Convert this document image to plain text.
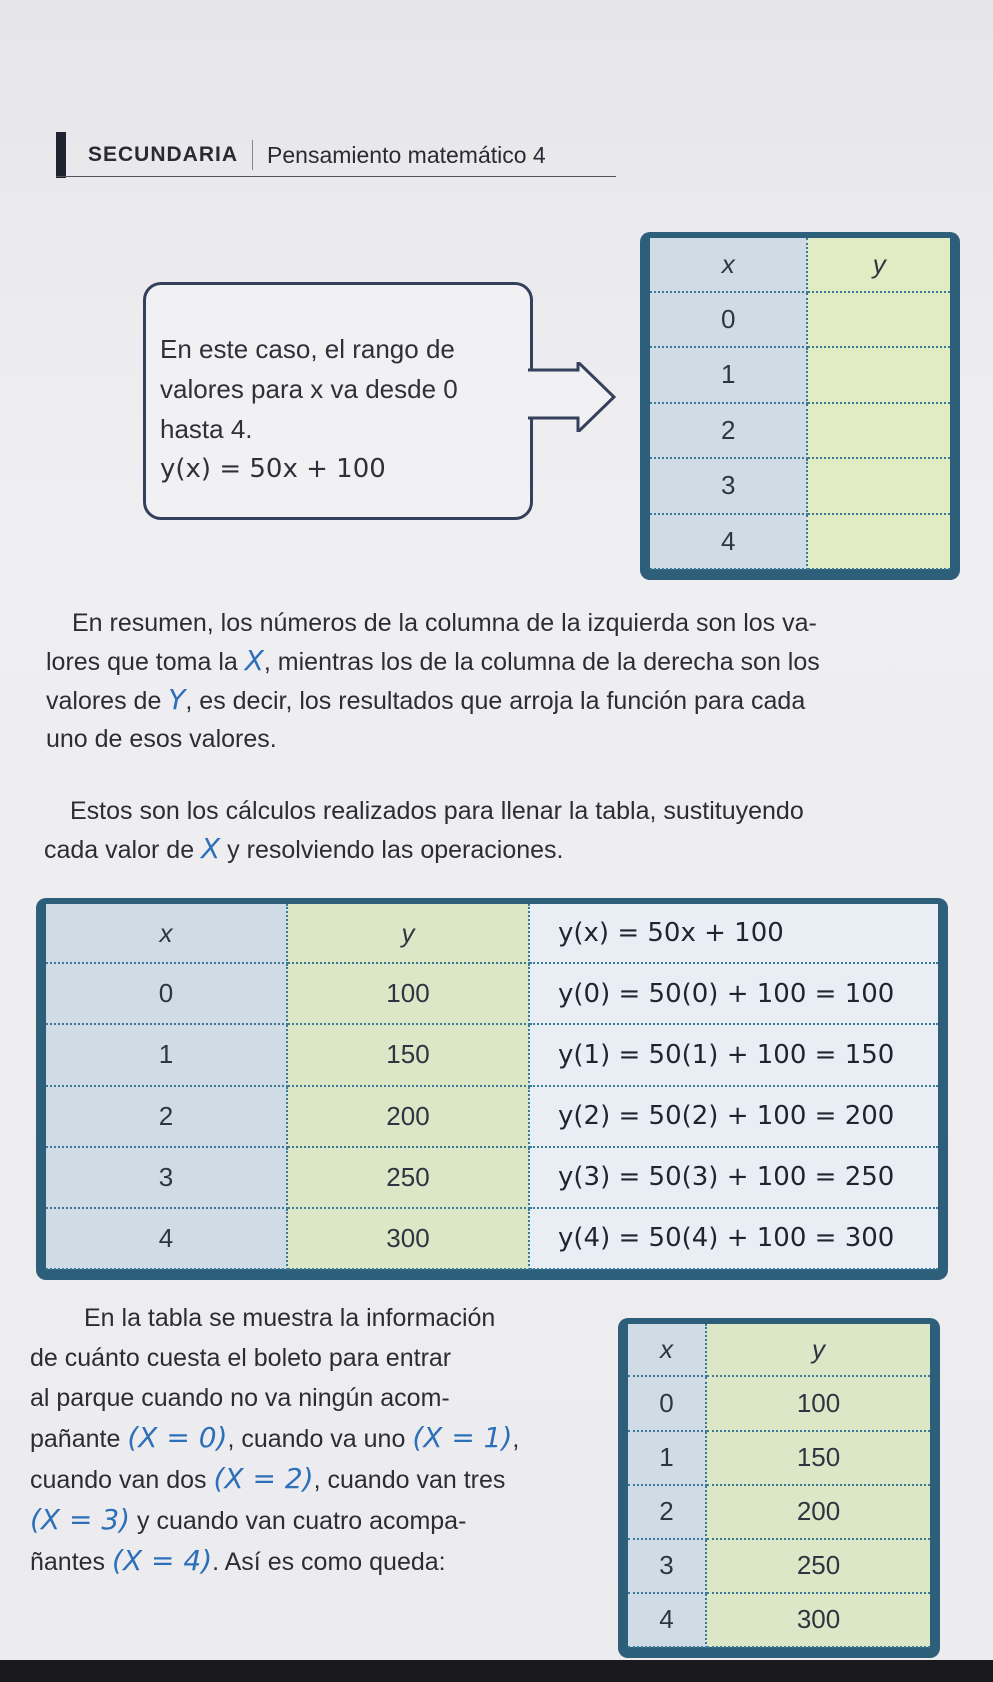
SECUNDARIA Pensamiento matemático 4

En este caso, el rango de

valores para x va desde 0

hasta 4.

y(x) = 50x + 100

x	y
0	
1	
2	
3	
4	
En resumen, los números de la columna de la izquierda son los va-
lores que toma la X, mientras los de la columna de la derecha son los
valores de Y, es decir, los resultados que arroja la función para cada
uno de esos valores.
Estos son los cálculos realizados para llenar la tabla, sustituyendo
cada valor de X y resolviendo las operaciones.
x	y	y(x) = 50x + 100
0	100	y(0) = 50(0) + 100 = 100
1	150	y(1) = 50(1) + 100 = 150
2	200	y(2) = 50(2) + 100 = 200
3	250	y(3) = 50(3) + 100 = 250
4	300	y(4) = 50(4) + 100 = 300
En la tabla se muestra la información
de cuánto cuesta el boleto para entrar
al parque cuando no va ningún acom-
pañante (X = 0), cuando va uno (X = 1),
cuando van dos (X = 2), cuando van tres
(X = 3) y cuando van cuatro acompa-
ñantes (X = 4). Así es como queda:
x	y
0	100
1	150
2	200
3	250
4	300
